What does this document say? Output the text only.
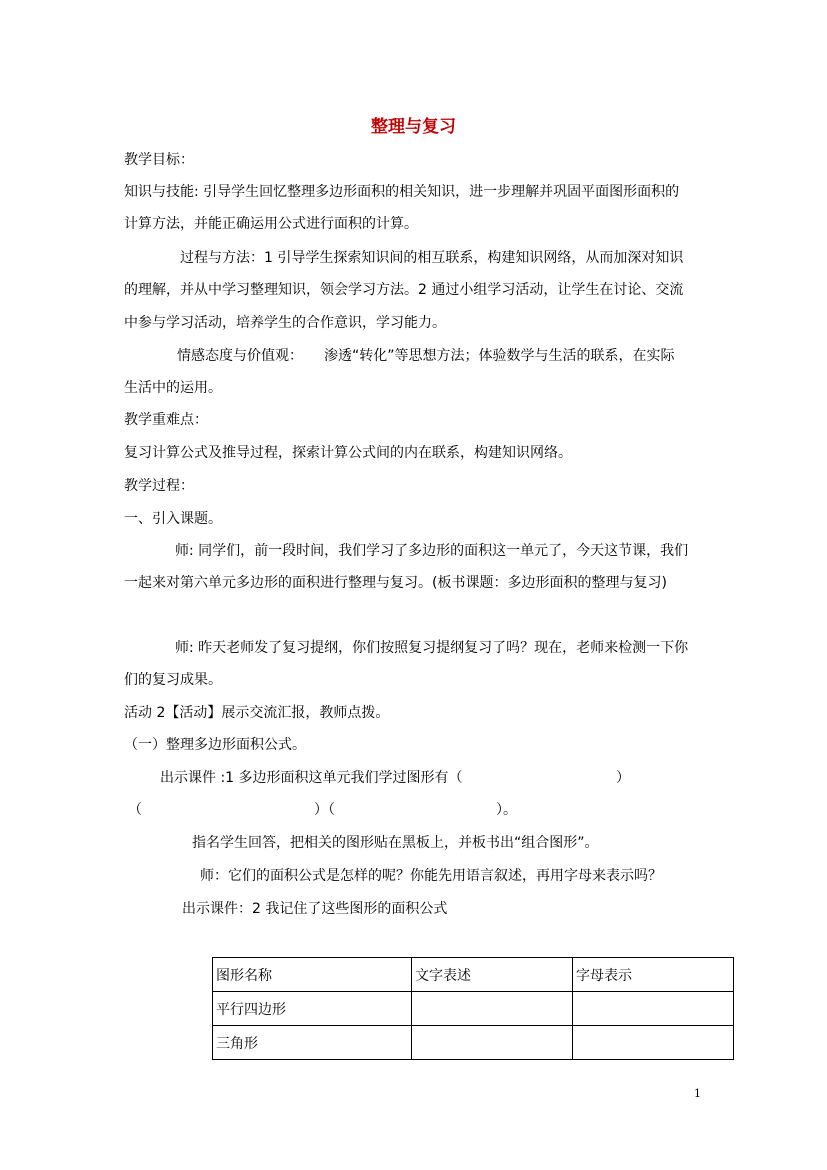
整理与复习
教学目标：
知识与技能: 引导学生回忆整理多边形面积的相关知识，进一步理解并巩固平面图形面积的
计算方法，并能正确运用公式进行面积的计算。
过程与方法：1 引导学生探索知识间的相互联系，构建知识网络，从而加深对知识
的理解，并从中学习整理知识，领会学习方法。2 通过小组学习活动，让学生在讨论、交流
中参与学习活动，培养学生的合作意识，学习能力。
情感态度与价值观：　　渗透“转化”等思想方法；体验数学与生活的联系，在实际
生活中的运用。
教学重难点：
复习计算公式及推导过程，探索计算公式间的内在联系，构建知识网络。
教学过程：
一、引入课题。
师: 同学们，前一段时间，我们学习了多边形的面积这一单元了，今天这节课，我们
一起来对第六单元多边形的面积进行整理与复习。(板书课题：多边形面积的整理与复习)
师: 昨天老师发了复习提纲，你们按照复习提纲复习了吗？现在，老师来检测一下你
们的复习成果。
活动 2【活动】展示交流汇报，教师点拨。
（一）整理多边形面积公式。
出示课件 :1 多边形面积这单元我们学过图形有（	）
（	）（	）。
指名学生回答，把相关的图形贴在黑板上，并板书出“组合图形”。
师：它们的面积公式是怎样的呢？你能先用语言叙述，再用字母来表示吗？
出示课件：2 我记住了这些图形的面积公式
图形名称	文字表述	字母表示
平行四边形		
三角形		
1
